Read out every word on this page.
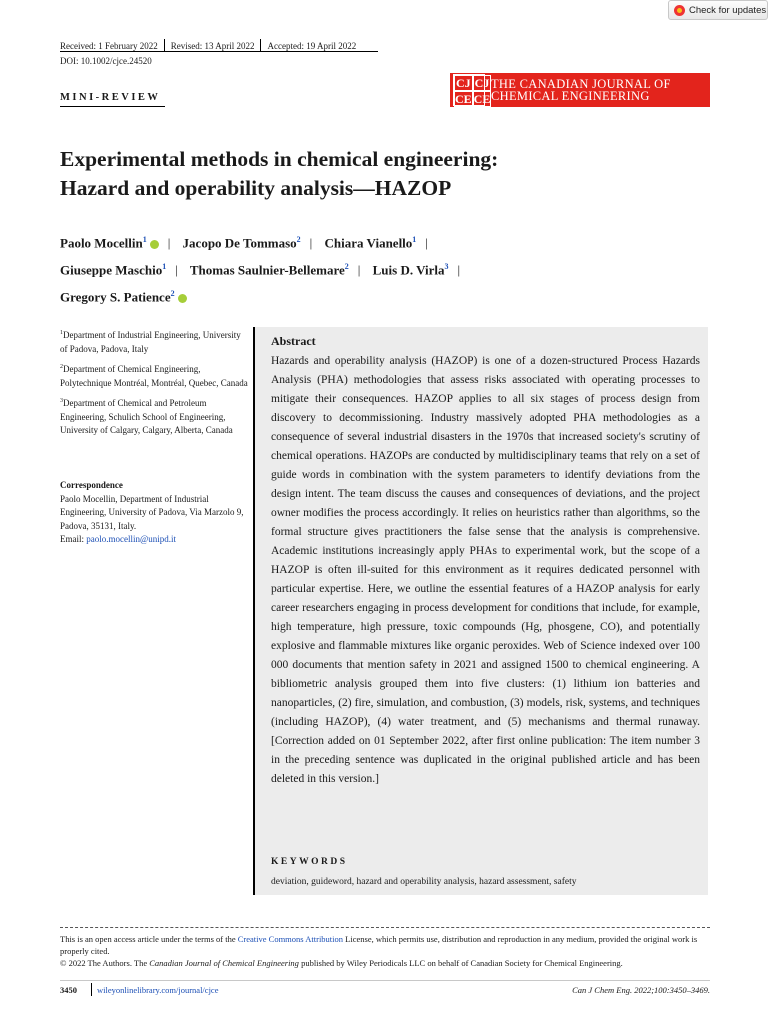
Check for updates
Received: 1 February 2022 Revised: 13 April 2022 Accepted: 19 April 2022
DOI: 10.1002/cjce.24520
MINI-REVIEW
CJ CJ
CE CE
THE CANADIAN JOURNAL OF
CHEMICAL ENGINEERING
Experimental methods in chemical engineering:
Hazard and operability analysis—HAZOP
Paolo Mocellin$^1$ | Jacopo De Tommaso$^2$ | Chiara Vianello$^1$ |
Giuseppe Maschio$^1$ | Thomas Saulnier-Bellemare$^2$ | Luis D. Virla$^3$ |
Gregory S. Patience$^2$

$^1$Department of Industrial Engineering, University of Padova, Padova, Italy

$^2$Department of Chemical Engineering, Polytechnique Montréal, Montréal, Quebec, Canada

$^3$Department of Chemical and Petroleum Engineering, Schulich School of Engineering, University of Calgary, Calgary, Alberta, Canada

Correspondence
Paolo Mocellin, Department of Industrial Engineering, University of Padova, Via Marzolo 9, Padova, 35131, Italy.
Email: paolo.mocellin@unipd.it
Abstract
Hazards and operability analysis (HAZOP) is one of a dozen-structured Process Hazards Analysis (PHA) methodologies that assess risks associated with operating processes to mitigate their consequences. HAZOP applies to all six stages of process design from discovery to decommissioning. Industry massively adopted PHA methodologies as a consequence of several industrial disasters in the 1970s that increased society's scrutiny of chemical operations. HAZOPs are conducted by multidisciplinary teams that rely on a set of guide words in combination with the system parameters to identify deviations from the design intent. The team discuss the causes and consequences of deviations, and the project owner modifies the process accordingly. It relies on heuristics rather than algorithms, so the formal structure gives practitioners the false sense that the analysis is comprehensive. Academic institutions increasingly apply PHAs to experimental work, but the scope of a HAZOP is often ill-suited for this environment as it requires dedicated personnel with particular expertise. Here, we outline the essential features of a HAZOP analysis for early career researchers engaging in process development for conditions that include, for example, high temperature, high pressure, toxic compounds (Hg, phosgene, CO), and potentially explosive and flammable mixtures like organic peroxides. Web of Science indexed over 100 000 documents that mention safety in 2021 and assigned 1500 to chemical engineering. A bibliometric analysis grouped them into five clusters: (1) lithium ion batteries and nanoparticles, (2) fire, simulation, and combustion, (3) models, risk, systems, and techniques (including HAZOP), (4) water treatment, and (5) mechanisms and thermal runaway. [Correction added on 01 September 2022, after first online publication: The item number 3 in the preceding sentence was duplicated in the original published article and has been deleted in this version.]
KEYWORDS
deviation, guideword, hazard and operability analysis, hazard assessment, safety
This is an open access article under the terms of the Creative Commons Attribution License, which permits use, distribution and reproduction in any medium, provided the original work is properly cited.
© 2022 The Authors. The Canadian Journal of Chemical Engineering published by Wiley Periodicals LLC on behalf of Canadian Society for Chemical Engineering.
3450 wileyonlinelibrary.com/journal/cjce	Can J Chem Eng. 2022;100:3450–3469.
